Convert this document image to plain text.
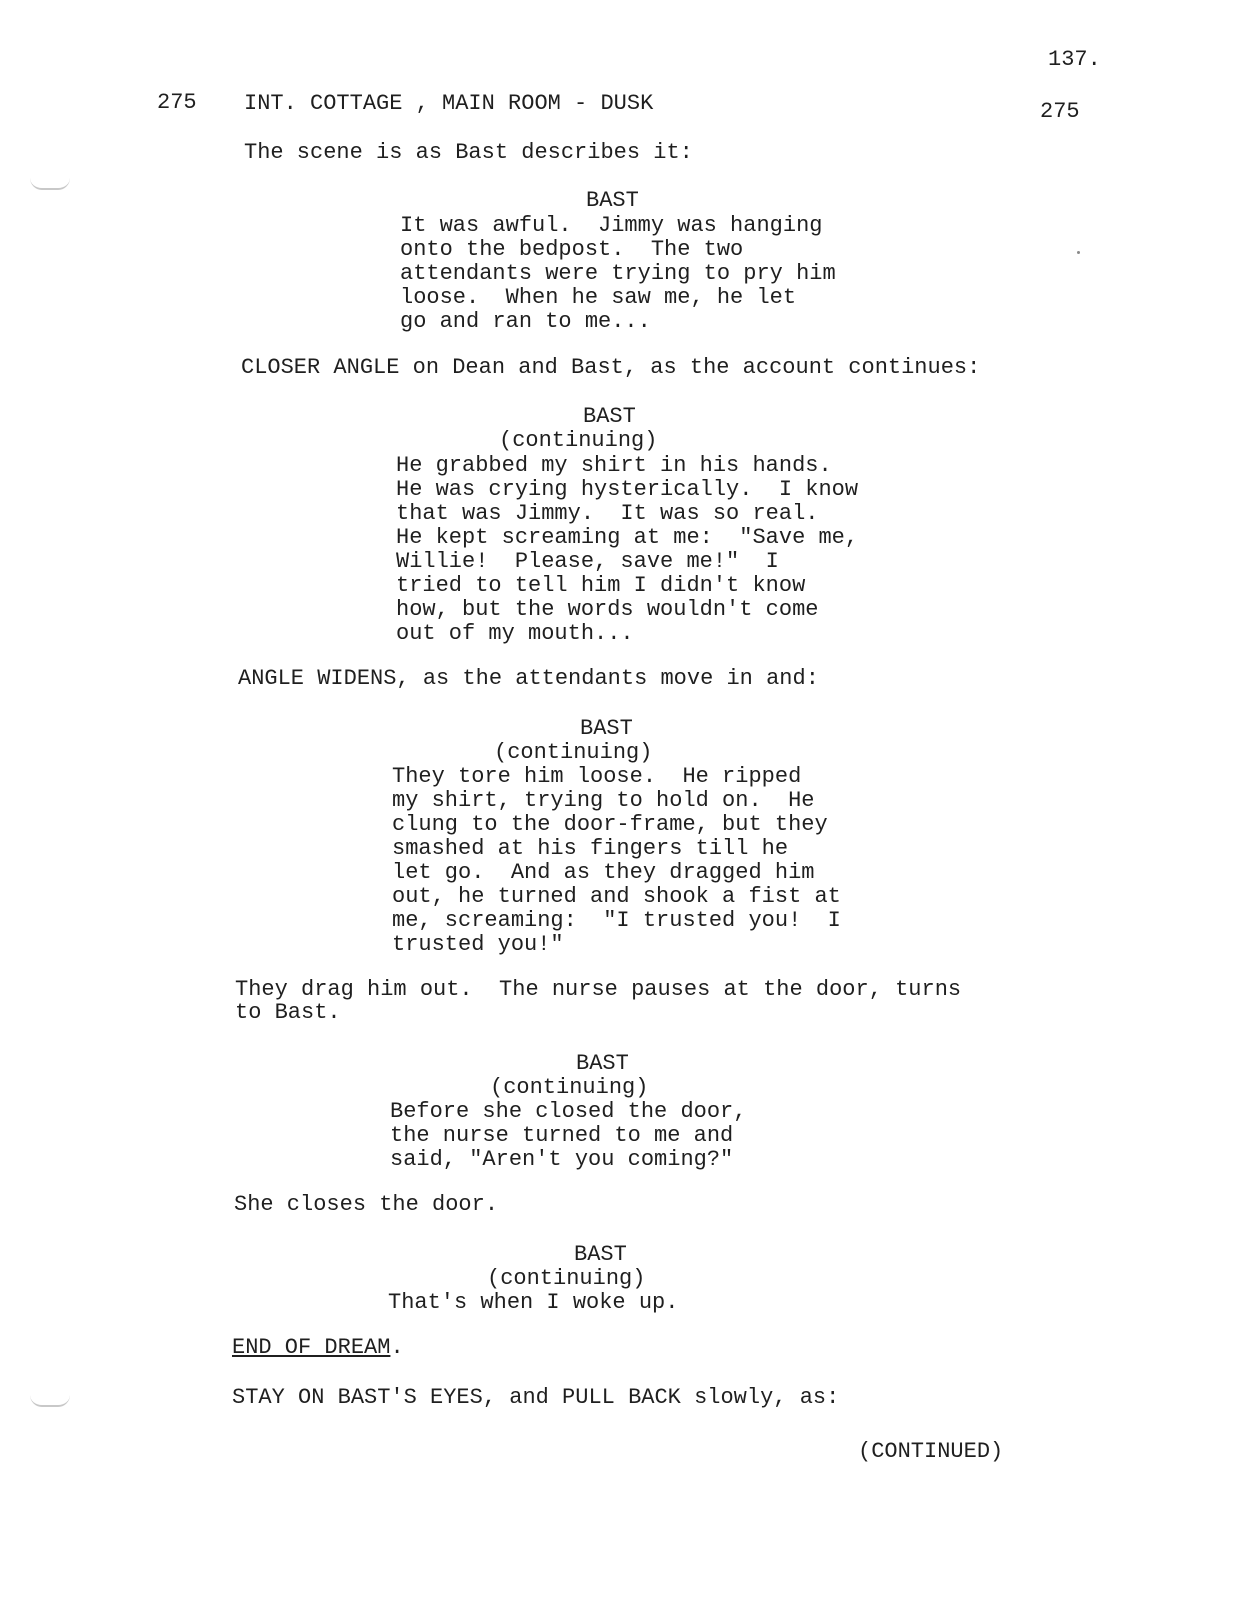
137.
275 INT. COTTAGE , MAIN ROOM - DUSK	275
The scene is as Bast describes it:
BAST
It was awful.  Jimmy was hanging
onto the bedpost.  The two
attendants were trying to pry him
loose.  When he saw me, he let
go and ran to me...
CLOSER ANGLE on Dean and Bast, as the account continues:
BAST
(continuing)
He grabbed my shirt in his hands.
He was crying hysterically.  I know
that was Jimmy.  It was so real.
He kept screaming at me:  "Save me,
Willie!  Please, save me!"  I
tried to tell him I didn't know
how, but the words wouldn't come
out of my mouth...
ANGLE WIDENS, as the attendants move in and:
BAST
(continuing)
They tore him loose.  He ripped
my shirt, trying to hold on.  He
clung to the door-frame, but they
smashed at his fingers till he
let go.  And as they dragged him
out, he turned and shook a fist at
me, screaming:  "I trusted you!  I
trusted you!"
They drag him out.  The nurse pauses at the door, turns
to Bast.
BAST
(continuing)
Before she closed the door,
the nurse turned to me and
said, "Aren't you coming?"
She closes the door.
BAST
(continuing)
That's when I woke up.
END OF DREAM.
STAY ON BAST'S EYES, and PULL BACK slowly, as:
(CONTINUED)
